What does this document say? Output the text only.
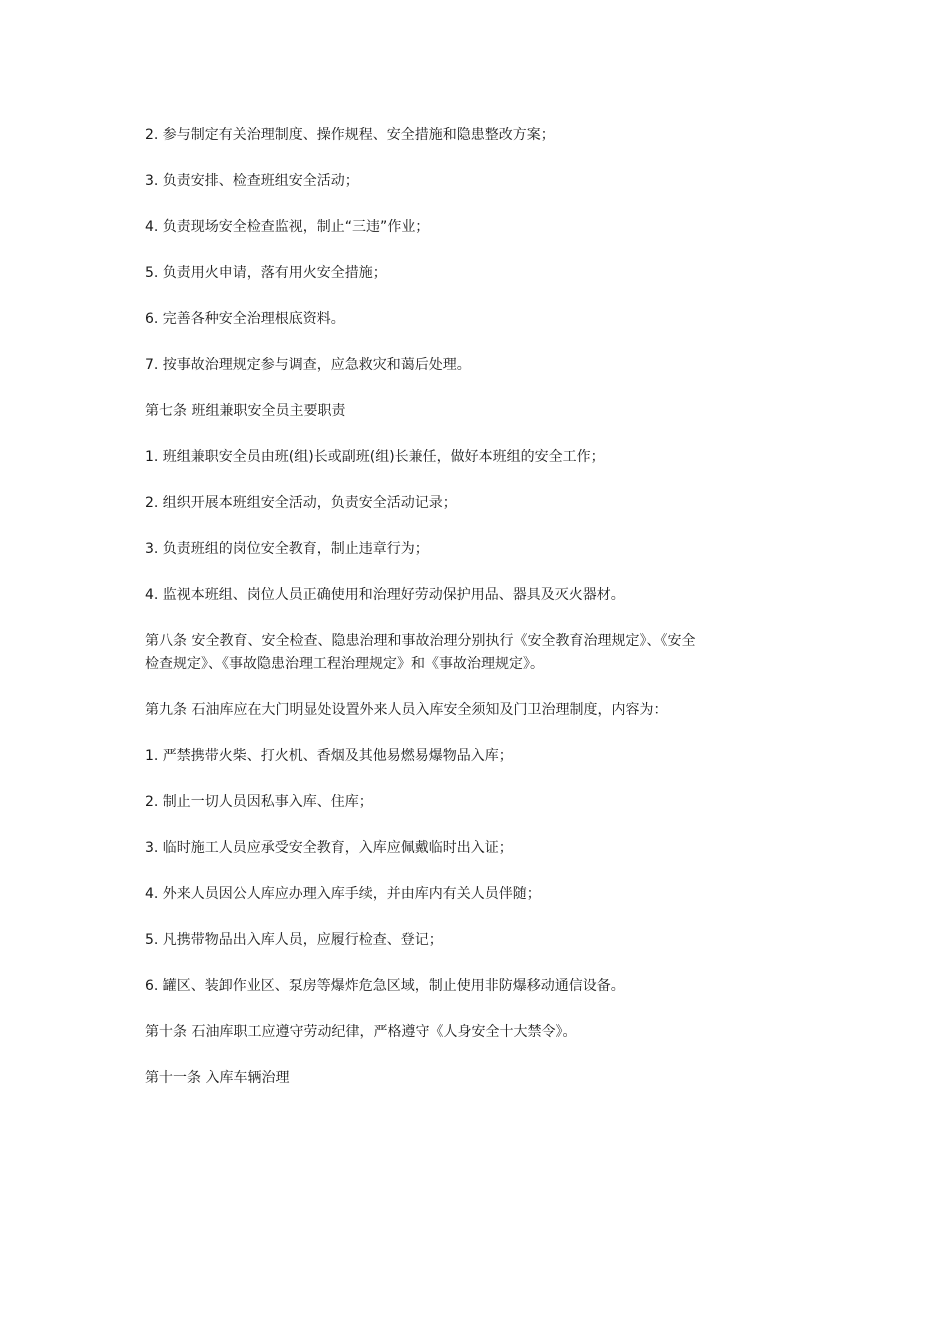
2. 参与制定有关治理制度、操作规程、安全措施和隐患整改方案；

3. 负责安排、检查班组安全活动；

4. 负责现场安全检查监视，制止“三违”作业；

5. 负责用火申请，落有用火安全措施；

6. 完善各种安全治理根底资料。

7. 按事故治理规定参与调查，应急救灾和蔼后处理。

第七条 班组兼职安全员主要职责

1. 班组兼职安全员由班(组)长或副班(组)长兼任，做好本班组的安全工作；

2. 组织开展本班组安全活动，负责安全活动记录；

3. 负责班组的岗位安全教育，制止违章行为；

4. 监视本班组、岗位人员正确使用和治理好劳动保护用品、器具及灭火器材。

第八条 安全教育、安全检查、隐患治理和事故治理分别执行《安全教育治理规定》、《安全

检查规定》、《事故隐患治理工程治理规定》和《事故治理规定》。

第九条 石油库应在大门明显处设置外来人员入库安全须知及门卫治理制度，内容为：

1. 严禁携带火柴、打火机、香烟及其他易燃易爆物品入库；

2. 制止一切人员因私事入库、住库；

3. 临时施工人员应承受安全教育，入库应佩戴临时出入证；

4. 外来人员因公人库应办理入库手续，并由库内有关人员伴随；

5. 凡携带物品出入库人员，应履行检查、登记；

6. 罐区、装卸作业区、泵房等爆炸危急区域，制止使用非防爆移动通信设备。

第十条 石油库职工应遵守劳动纪律，严格遵守《人身安全十大禁令》。

第十一条 入库车辆治理
